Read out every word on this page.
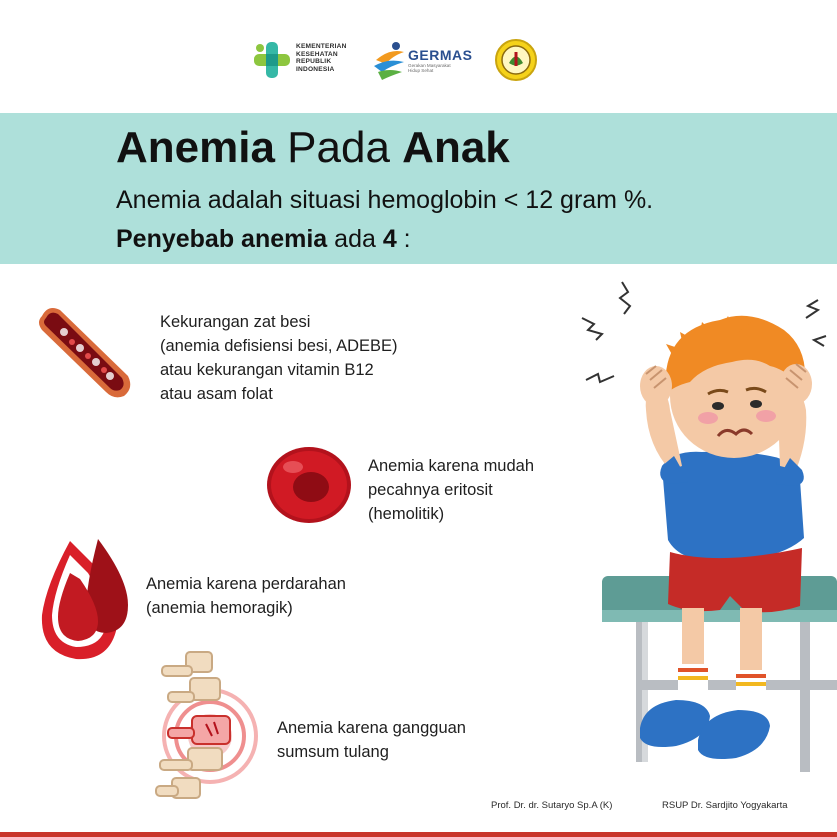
KEMENTERIAN
KESEHATAN
REPUBLIK
INDONESIA
GERMAS
Gerakan Masyarakat
Hidup Sehat
Anemia Pada Anak
Anemia adalah situasi hemoglobin < 12 gram %.
Penyebab anemia ada 4 :
Kekurangan zat besi
(anemia defisiensi besi, ADEBE)
atau kekurangan vitamin B12
atau asam folat
Anemia karena mudah
pecahnya eritosit
(hemolitik)
Anemia karena perdarahan
(anemia hemoragik)
Anemia karena gangguan
sumsum tulang
Prof. Dr. dr. Sutaryo Sp.A (K)	RSUP Dr. Sardjito Yogyakarta
